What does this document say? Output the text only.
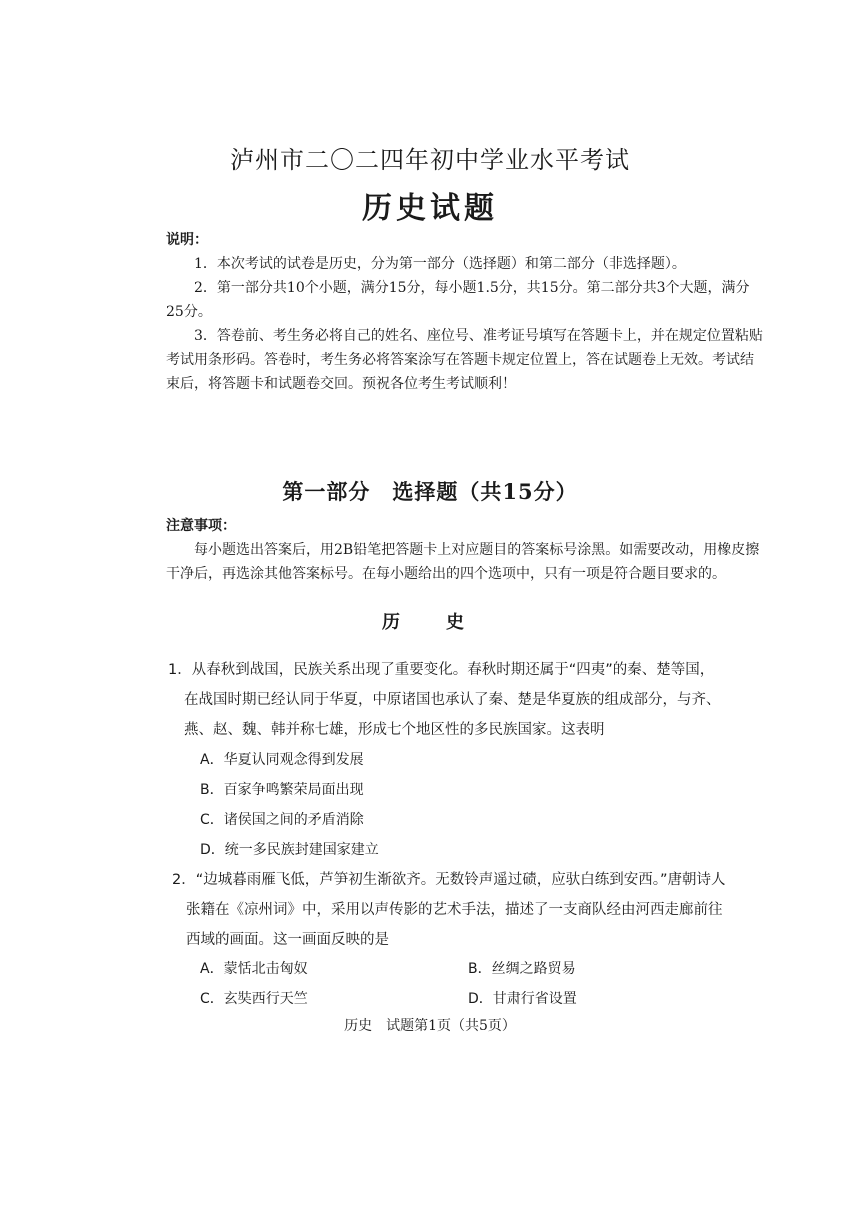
泸州市二〇二四年初中学业水平考试
历史试题

说明：

1．本次考试的试卷是历史，分为第一部分（选择题）和第二部分（非选择题）。

2．第一部分共10个小题，满分15分，每小题1.5分，共15分。第二部分共3个大题，满分25分。

3．答卷前、考生务必将自己的姓名、座位号、准考证号填写在答题卡上，并在规定位置粘贴考试用条形码。答卷时，考生务必将答案涂写在答题卡规定位置上，答在试题卷上无效。考试结束后，将答题卡和试题卷交回。预祝各位考生考试顺利！

第一部分　选择题（共15分）

注意事项：

每小题选出答案后，用2B铅笔把答题卡上对应题目的答案标号涂黑。如需要改动，用橡皮擦干净后，再选涂其他答案标号。在每小题给出的四个选项中，只有一项是符合题目要求的。

历　史
1．从春秋到战国，民族关系出现了重要变化。春秋时期还属于“四夷”的秦、楚等国，
在战国时期已经认同于华夏，中原诸国也承认了秦、楚是华夏族的组成部分，与齐、
燕、赵、魏、韩并称七雄，形成七个地区性的多民族国家。这表明
A．华夏认同观念得到发展
B．百家争鸣繁荣局面出现
C．诸侯国之间的矛盾消除
D．统一多民族封建国家建立
2．“边城暮雨雁飞低，芦笋初生渐欲齐。无数铃声遥过碛，应驮白练到安西。”唐朝诗人
张籍在《凉州词》中，采用以声传影的艺术手法，描述了一支商队经由河西走廊前往
西域的画面。这一画面反映的是
A．蒙恬北击匈奴	B．丝绸之路贸易
C．玄奘西行天竺	D．甘肃行省设置
历史　试题第1页（共5页）
